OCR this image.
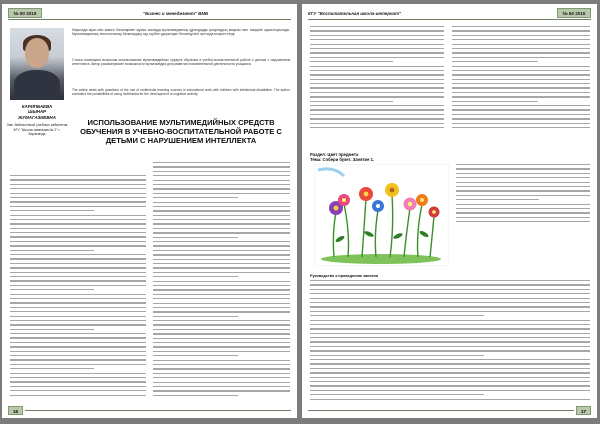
№ 60 2016	"Бизнес и менеджмент" ВМБ
КАРИПБАЕВА
ШЫНАР
ЖУМАГАЗИЕВНА
Зав. библиотекой учебных кабинетов КГУ "Школа-гимназия № 2" г. Караганда
Мақалада ақыл-ойы кемісті балалармен жұмыс жасауда мультимедиялық құралдарды қолданудың маңызы мен тиімділігі қарастырылады. Мультимедиялық технологиялар балалардың оқу-тәрбие үдерісіндегі белсенділігін арттыруға ықпал етеді.
Статья посвящена вопросам использования мультимедийных средств обучения в учебно-воспитательной работе с детьми с нарушением интеллекта. Автор рассматривает возможности мультимедиа для развития познавательной деятельности учащихся.
The article deals with questions of the use of multimedia learning sources in educational work with children with intellectual disabilities. The author considers the possibilities of using multimedia for the development of cognitive activity.
ИСПОЛЬЗОВАНИЕ МУЛЬТИМЕДИЙНЫХ СРЕДСТВ ОБУЧЕНИЯ В УЧЕБНО-ВОСПИТАТЕЛЬНОЙ РАБОТЕ С ДЕТЬМИ С НАРУШЕНИЕМ ИНТЕЛЛЕКТА
16
КГУ "Воспитательная школа-интернат"	№ 60 2016
Раздел: Цвет предмета
Тема: Собери букет. Занятие 1.
Руководство к проведению занятия
17
